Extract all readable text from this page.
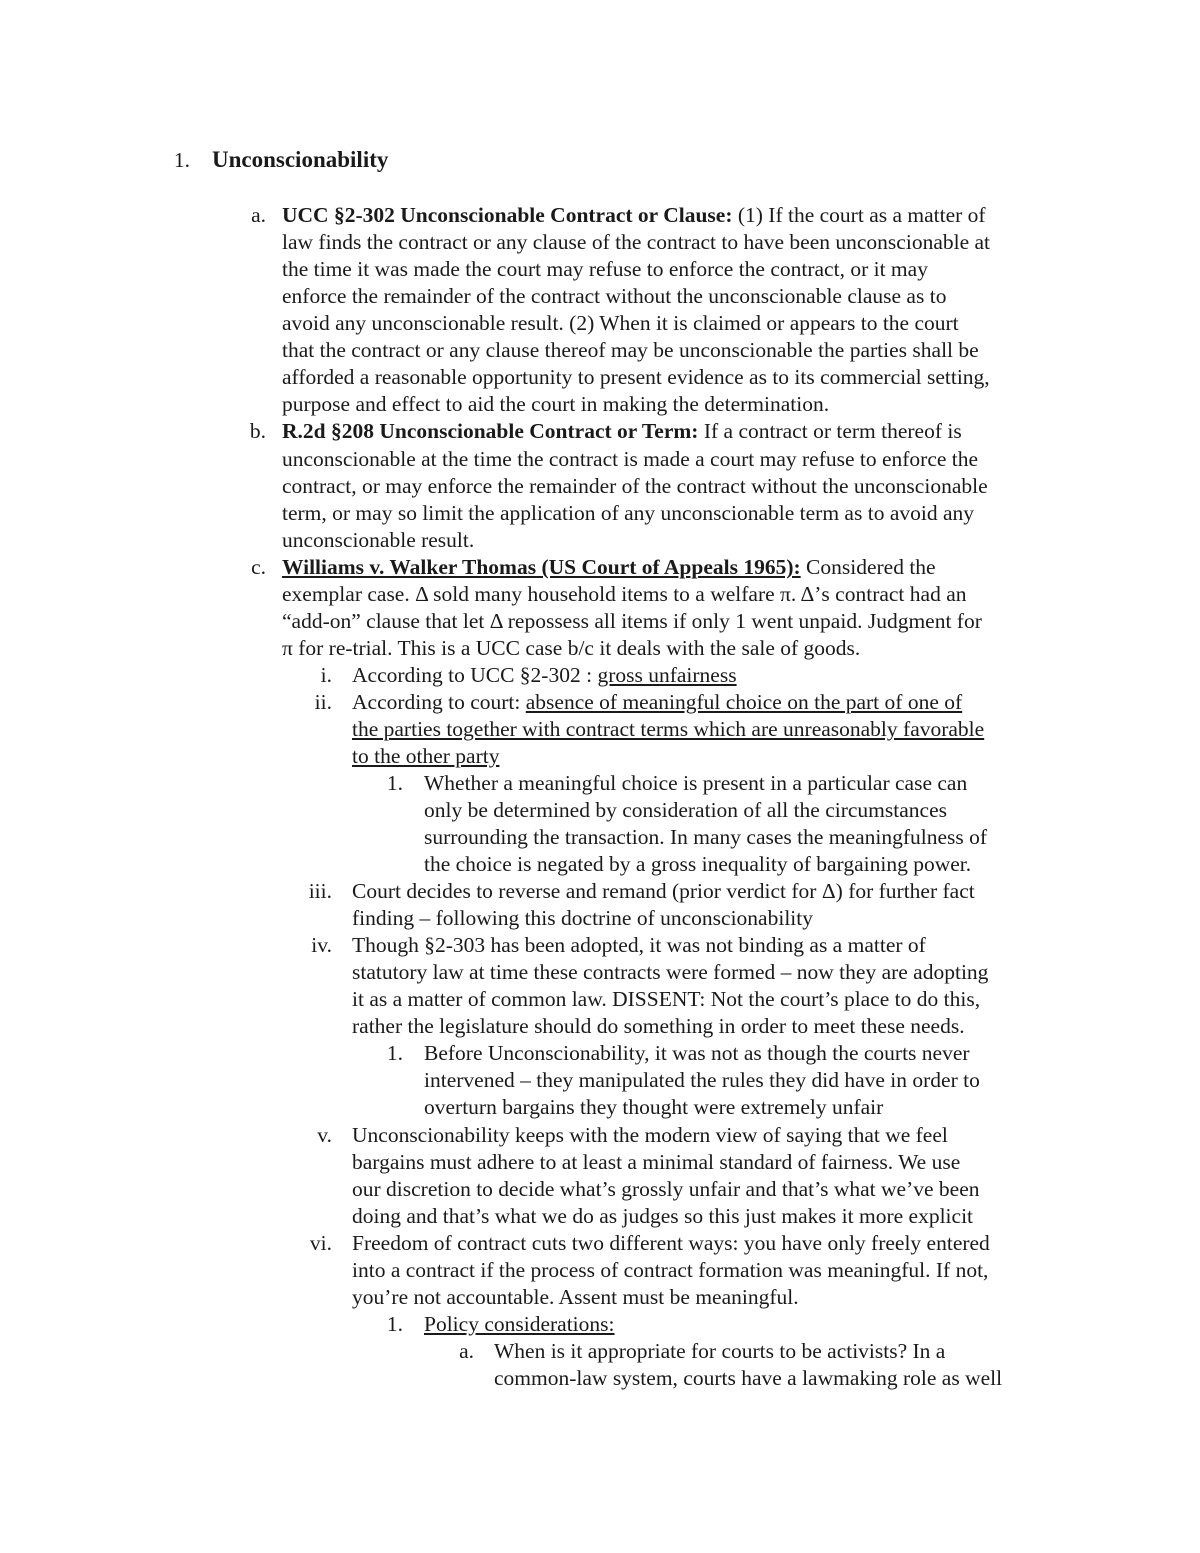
1. Unconscionability
a. UCC §2-302 Unconscionable Contract or Clause: (1) If the court as a matter of
law finds the contract or any clause of the contract to have been unconscionable at
the time it was made the court may refuse to enforce the contract, or it may
enforce the remainder of the contract without the unconscionable clause as to
avoid any unconscionable result. (2) When it is claimed or appears to the court
that the contract or any clause thereof may be unconscionable the parties shall be
afforded a reasonable opportunity to present evidence as to its commercial setting,
purpose and effect to aid the court in making the determination.
b. R.2d §208 Unconscionable Contract or Term: If a contract or term thereof is
unconscionable at the time the contract is made a court may refuse to enforce the
contract, or may enforce the remainder of the contract without the unconscionable
term, or may so limit the application of any unconscionable term as to avoid any
unconscionable result.
c. Williams v. Walker Thomas (US Court of Appeals 1965): Considered the
exemplar case. Δ sold many household items to a welfare π. Δ’s contract had an
“add-on” clause that let Δ repossess all items if only 1 went unpaid. Judgment for
π for re-trial. This is a UCC case b/c it deals with the sale of goods.
i. According to UCC §2-302 : gross unfairness
ii. According to court: absence of meaningful choice on the part of one of
the parties together with contract terms which are unreasonably favorable
to the other party
1. Whether a meaningful choice is present in a particular case can
only be determined by consideration of all the circumstances
surrounding the transaction. In many cases the meaningfulness of
the choice is negated by a gross inequality of bargaining power.
iii. Court decides to reverse and remand (prior verdict for Δ) for further fact
finding – following this doctrine of unconscionability
iv. Though §2-303 has been adopted, it was not binding as a matter of
statutory law at time these contracts were formed – now they are adopting
it as a matter of common law. DISSENT: Not the court’s place to do this,
rather the legislature should do something in order to meet these needs.
1. Before Unconscionability, it was not as though the courts never
intervened – they manipulated the rules they did have in order to
overturn bargains they thought were extremely unfair
v. Unconscionability keeps with the modern view of saying that we feel
bargains must adhere to at least a minimal standard of fairness. We use
our discretion to decide what’s grossly unfair and that’s what we’ve been
doing and that’s what we do as judges so this just makes it more explicit
vi. Freedom of contract cuts two different ways: you have only freely entered
into a contract if the process of contract formation was meaningful. If not,
you’re not accountable. Assent must be meaningful.
1. Policy considerations:
a. When is it appropriate for courts to be activists? In a
common-law system, courts have a lawmaking role as well
